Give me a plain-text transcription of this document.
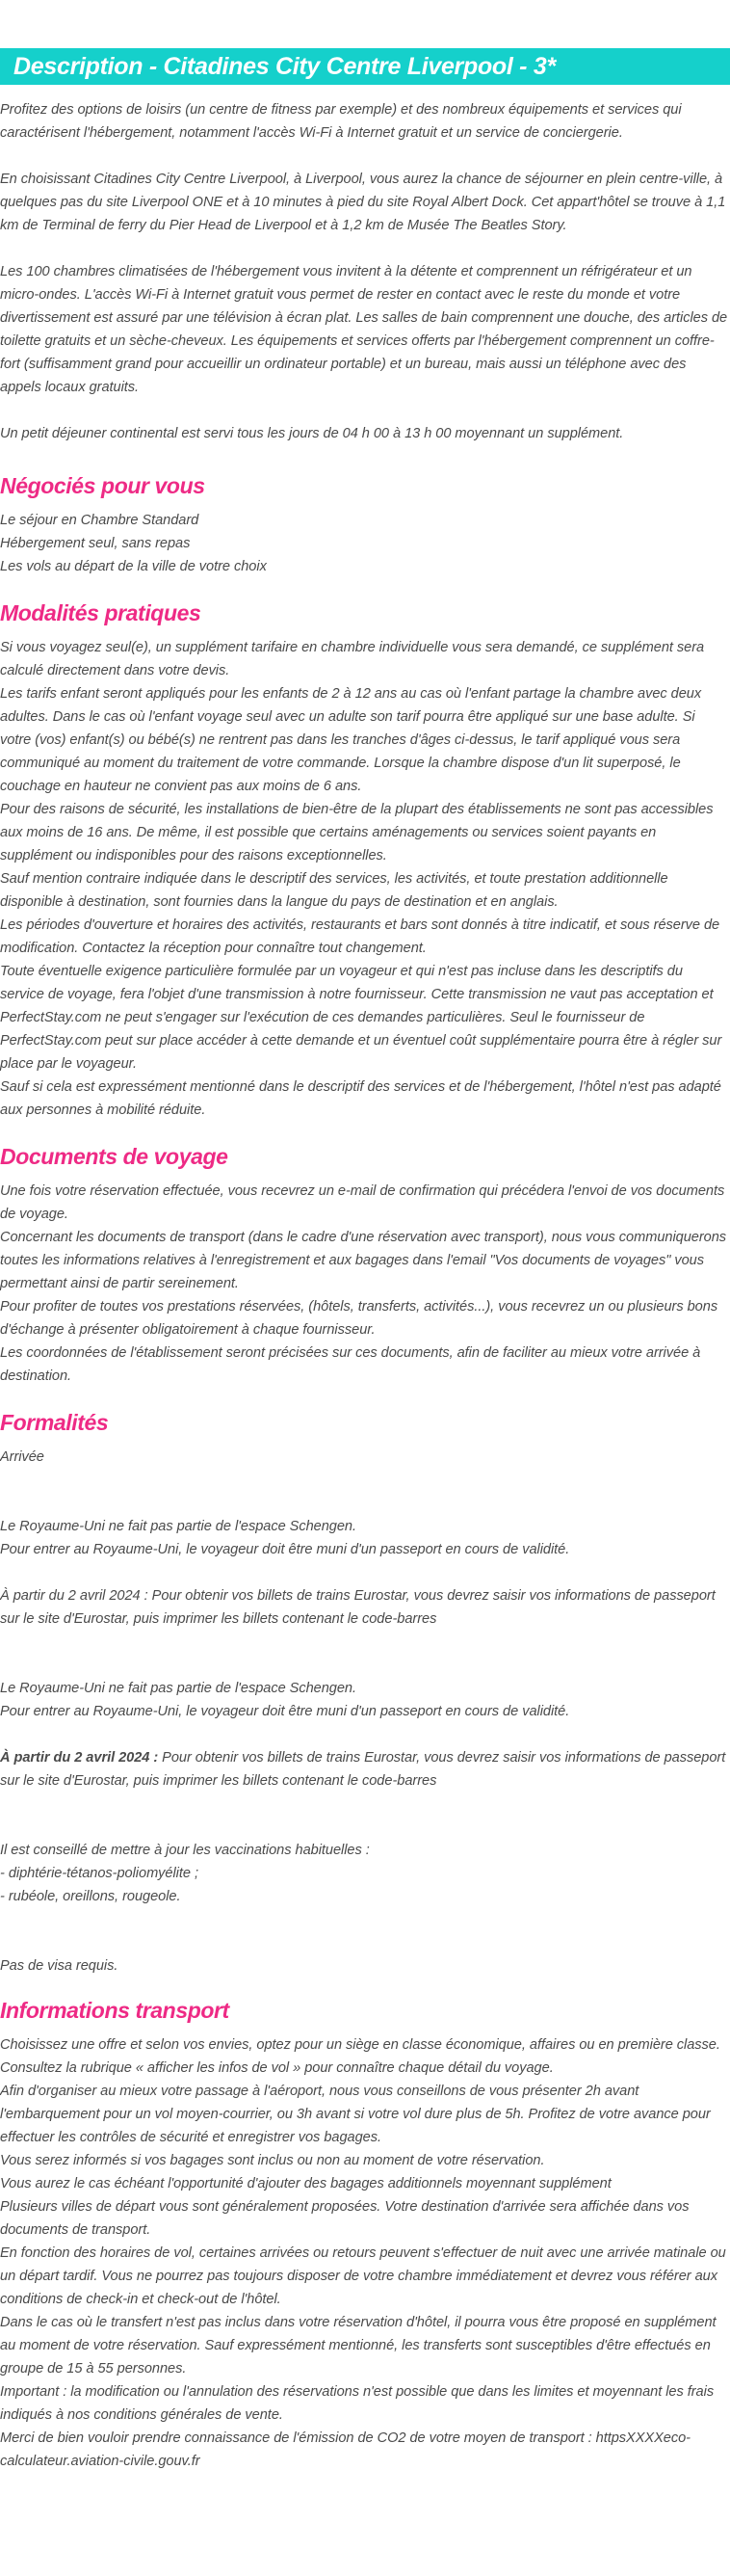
Description - Citadines City Centre Liverpool - 3*

Profitez des options de loisirs (un centre de fitness par exemple) et des nombreux équipements et services qui caractérisent l'hébergement, notamment l'accès Wi-Fi à Internet gratuit et un service de conciergerie.

En choisissant Citadines City Centre Liverpool, à Liverpool, vous aurez la chance de séjourner en plein centre-ville, à quelques pas du site Liverpool ONE et à 10 minutes à pied du site Royal Albert Dock. Cet appart'hôtel se trouve à 1,1 km de Terminal de ferry du Pier Head de Liverpool et à 1,2 km de Musée The Beatles Story.

Les 100 chambres climatisées de l'hébergement vous invitent à la détente et comprennent un réfrigérateur et un micro-ondes. L'accès Wi-Fi à Internet gratuit vous permet de rester en contact avec le reste du monde et votre divertissement est assuré par une télévision à écran plat. Les salles de bain comprennent une douche, des articles de toilette gratuits et un sèche-cheveux. Les équipements et services offerts par l'hébergement comprennent un coffre-fort (suffisamment grand pour accueillir un ordinateur portable) et un bureau, mais aussi un téléphone avec des appels locaux gratuits.

Un petit déjeuner continental est servi tous les jours de 04 h 00 à 13 h 00 moyennant un supplément.

Négociés pour vous

Le séjour en Chambre Standard

Hébergement seul, sans repas

Les vols au départ de la ville de votre choix

Modalités pratiques

Si vous voyagez seul(e), un supplément tarifaire en chambre individuelle vous sera demandé, ce supplément sera calculé directement dans votre devis.

Les tarifs enfant seront appliqués pour les enfants de 2 à 12 ans au cas où l'enfant partage la chambre avec deux adultes. Dans le cas où l'enfant voyage seul avec un adulte son tarif pourra être appliqué sur une base adulte. Si votre (vos) enfant(s) ou bébé(s) ne rentrent pas dans les tranches d'âges ci-dessus, le tarif appliqué vous sera communiqué au moment du traitement de votre commande. Lorsque la chambre dispose d'un lit superposé, le couchage en hauteur ne convient pas aux moins de 6 ans.

Pour des raisons de sécurité, les installations de bien-être de la plupart des établissements ne sont pas accessibles aux moins de 16 ans. De même, il est possible que certains aménagements ou services soient payants en supplément ou indisponibles pour des raisons exceptionnelles.

Sauf mention contraire indiquée dans le descriptif des services, les activités, et toute prestation additionnelle disponible à destination, sont fournies dans la langue du pays de destination et en anglais.

Les périodes d'ouverture et horaires des activités, restaurants et bars sont donnés à titre indicatif, et sous réserve de modification. Contactez la réception pour connaître tout changement.

Toute éventuelle exigence particulière formulée par un voyageur et qui n'est pas incluse dans les descriptifs du service de voyage, fera l'objet d'une transmission à notre fournisseur. Cette transmission ne vaut pas acceptation et PerfectStay.com ne peut s'engager sur l'exécution de ces demandes particulières. Seul le fournisseur de PerfectStay.com peut sur place accéder à cette demande et un éventuel coût supplémentaire pourra être à régler sur place par le voyageur.

Sauf si cela est expressément mentionné dans le descriptif des services et de l'hébergement, l'hôtel n'est pas adapté aux personnes à mobilité réduite.

Documents de voyage

Une fois votre réservation effectuée, vous recevrez un e-mail de confirmation qui précédera l'envoi de vos documents de voyage.

Concernant les documents de transport (dans le cadre d'une réservation avec transport), nous vous communiquerons toutes les informations relatives à l'enregistrement et aux bagages dans l'email "Vos documents de voyages" vous permettant ainsi de partir sereinement.

Pour profiter de toutes vos prestations réservées, (hôtels, transferts, activités...), vous recevrez un ou plusieurs bons d'échange à présenter obligatoirement à chaque fournisseur.

Les coordonnées de l'établissement seront précisées sur ces documents, afin de faciliter au mieux votre arrivée à destination.

Formalités

Arrivée

Le Royaume-Uni ne fait pas partie de l'espace Schengen.

Pour entrer au Royaume-Uni, le voyageur doit être muni d'un passeport en cours de validité.

À partir du 2 avril 2024 : Pour obtenir vos billets de trains Eurostar, vous devrez saisir vos informations de passeport sur le site d'Eurostar, puis imprimer les billets contenant le code-barres

Le Royaume-Uni ne fait pas partie de l'espace Schengen.

Pour entrer au Royaume-Uni, le voyageur doit être muni d'un passeport en cours de validité.

À partir du 2 avril 2024 : Pour obtenir vos billets de trains Eurostar, vous devrez saisir vos informations de passeport sur le site d'Eurostar, puis imprimer les billets contenant le code-barres

Il est conseillé de mettre à jour les vaccinations habituelles :

- diphtérie-tétanos-poliomyélite ;

- rubéole, oreillons, rougeole.

Pas de visa requis.

Informations transport

Choisissez une offre et selon vos envies, optez pour un siège en classe économique, affaires ou en première classe. Consultez la rubrique « afficher les infos de vol » pour connaître chaque détail du voyage.

Afin d'organiser au mieux votre passage à l'aéroport, nous vous conseillons de vous présenter 2h avant l'embarquement pour un vol moyen-courrier, ou 3h avant si votre vol dure plus de 5h. Profitez de votre avance pour effectuer les contrôles de sécurité et enregistrer vos bagages.

Vous serez informés si vos bagages sont inclus ou non au moment de votre réservation.

Vous aurez le cas échéant l'opportunité d'ajouter des bagages additionnels moyennant supplément

Plusieurs villes de départ vous sont généralement proposées. Votre destination d'arrivée sera affichée dans vos documents de transport.

En fonction des horaires de vol, certaines arrivées ou retours peuvent s'effectuer de nuit avec une arrivée matinale ou un départ tardif. Vous ne pourrez pas toujours disposer de votre chambre immédiatement et devrez vous référer aux conditions de check-in et check-out de l'hôtel.

Dans le cas où le transfert n'est pas inclus dans votre réservation d'hôtel, il pourra vous être proposé en supplément au moment de votre réservation. Sauf expressément mentionné, les transferts sont susceptibles d'être effectués en groupe de 15 à 55 personnes.

Important : la modification ou l'annulation des réservations n'est possible que dans les limites et moyennant les frais indiqués à nos conditions générales de vente.

Merci de bien vouloir prendre connaissance de l'émission de CO2 de votre moyen de transport : httpsXXXXeco-calculateur.aviation-civile.gouv.fr
